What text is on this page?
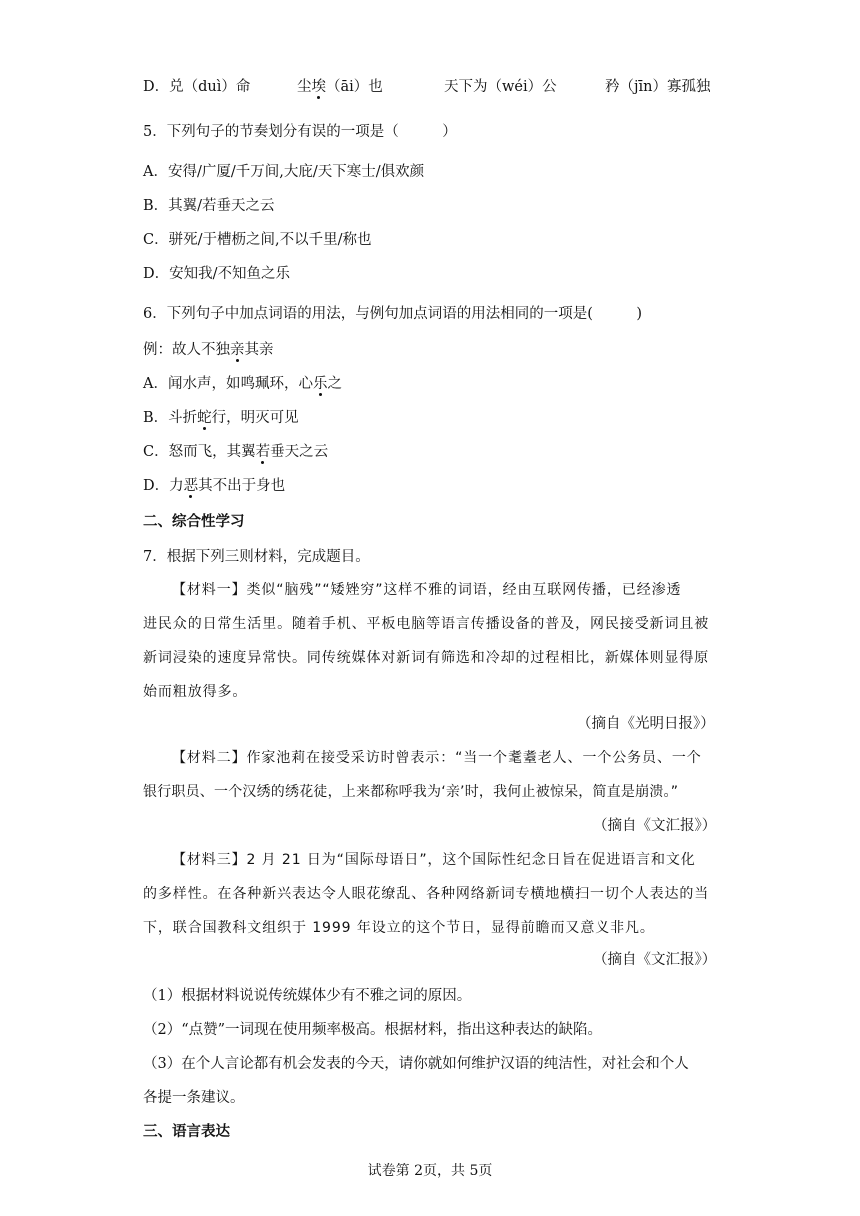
D．兑（duì）命	尘埃（āi）也	天下为（wéi）公	矜（jīn）寡孤独
5．下列句子的节奏划分有误的一项是（　　　）
A．安得/广厦/千万间,大庇/天下寒士/俱欢颜
B．其翼/若垂天之云
C．骈死/于槽枥之间,不以千里/称也
D．安知我/不知鱼之乐
6．下列句子中加点词语的用法，与例句加点词语的用法相同的一项是(　　　)
例：故人不独亲其亲
A．闻水声，如鸣珮环，心乐之
B．斗折蛇行，明灭可见
C．怒而飞，其翼若垂天之云
D．力恶其不出于身也
二、综合性学习
7．根据下列三则材料，完成题目。
【材料一】类似“脑残”“矮矬穷”这样不雅的词语，经由互联网传播，已经渗透
进民众的日常生活里。随着手机、平板电脑等语言传播设备的普及，网民接受新词且被
新词浸染的速度异常快。同传统媒体对新词有筛选和冷却的过程相比，新媒体则显得原
始而粗放得多。
（摘自《光明日报》）
【材料二】作家池莉在接受采访时曾表示：“当一个耄耋老人、一个公务员、一个
银行职员、一个汉绣的绣花徒，上来都称呼我为‘亲’时，我何止被惊呆，简直是崩溃。”
（摘自《文汇报》）
【材料三】2 月 21 日为“国际母语日”，这个国际性纪念日旨在促进语言和文化
的多样性。在各种新兴表达令人眼花缭乱、各种网络新词专横地横扫一切个人表达的当
下，联合国教科文组织于 1999 年设立的这个节日，显得前瞻而又意义非凡。
（摘自《文汇报》）
（1）根据材料说说传统媒体少有不雅之词的原因。
（2）“点赞”一词现在使用频率极高。根据材料，指出这种表达的缺陷。
（3）在个人言论都有机会发表的今天，请你就如何维护汉语的纯洁性，对社会和个人
各提一条建议。
三、语言表达
试卷第 2页，共 5页
